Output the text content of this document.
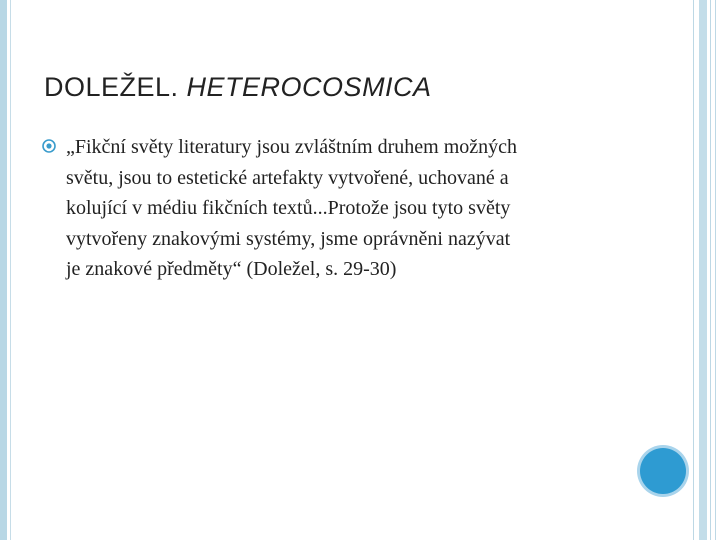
DOLEŽEL. HETEROCOSMICA

„Fikční světy literatury jsou zvláštním druhem možných
světu, jsou to estetické artefakty vytvořené, uchované a
kolující v médiu fikčních textů...Protože jsou tyto světy
vytvořeny znakovými systémy, jsme oprávněni nazývat
je znakové předměty“ (Doležel, s. 29-30)
